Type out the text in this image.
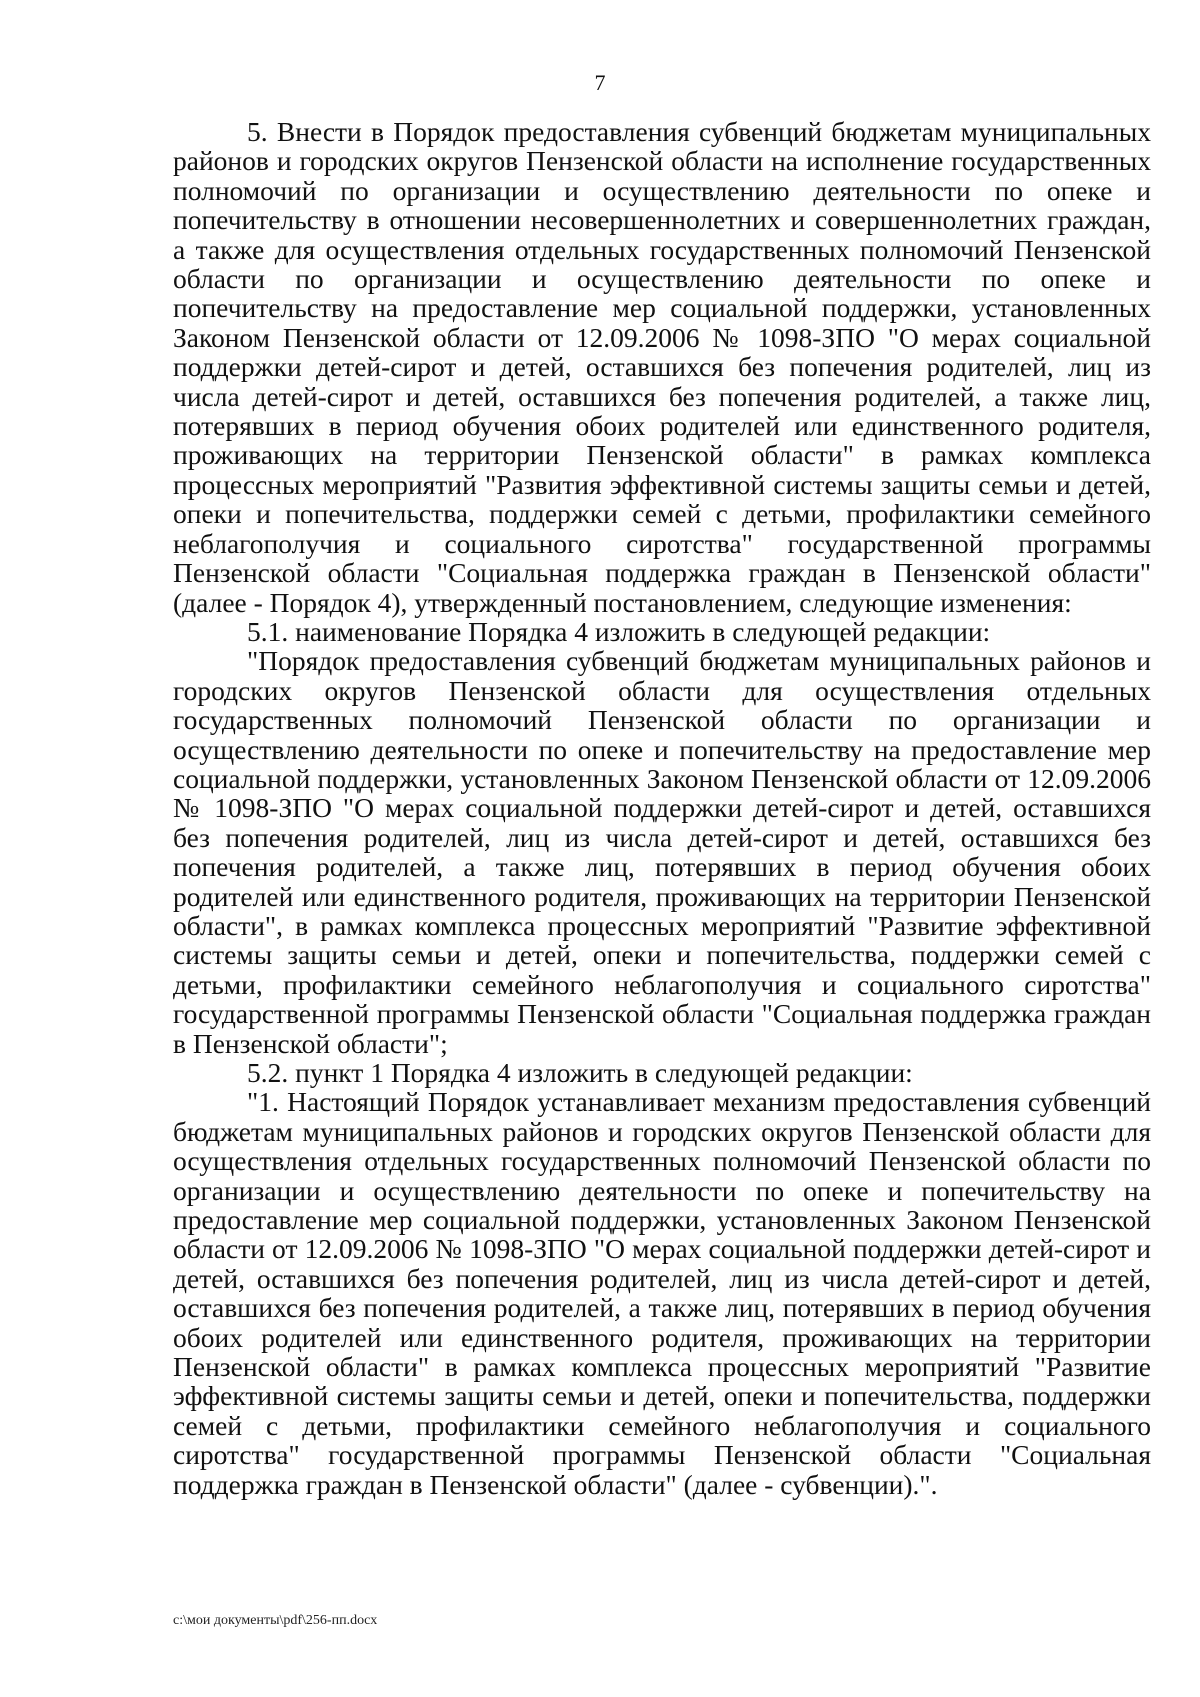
7

5. Внести в Порядок предоставления субвенций бюджетам муниципальных районов и городских округов Пензенской области на исполнение государственных полномочий по организации и осуществлению деятельности по опеке и попечительству в отношении несовершеннолетних и совершеннолетних граждан, а также для осуществления отдельных государственных полномочий Пензенской области по организации и осуществлению деятельности по опеке и попечительству на предоставление мер социальной поддержки, установленных Законом Пензенской области от 12.09.2006 № 1098-ЗПО "О мерах социальной поддержки детей-сирот и детей, оставшихся без попечения родителей, лиц из числа детей-сирот и детей, оставшихся без попечения родителей, а также лиц, потерявших в период обучения обоих родителей или единственного родителя, проживающих на территории Пензенской области" в рамках комплекса процессных мероприятий "Развития эффективной системы защиты семьи и детей, опеки и попечительства, поддержки семей с детьми, профилактики семейного неблагополучия и социального сиротства" государственной программы Пензенской области "Социальная поддержка граждан в Пензенской области" (далее - Порядок 4), утвержденный постановлением, следующие изменения:

5.1. наименование Порядка 4 изложить в следующей редакции:

"Порядок предоставления субвенций бюджетам муниципальных районов и городских округов Пензенской области для осуществления отдельных государственных полномочий Пензенской области по организации и осуществлению деятельности по опеке и попечительству на предоставление мер социальной поддержки, установленных Законом Пензенской области от 12.09.2006 № 1098-ЗПО "О мерах социальной поддержки детей-сирот и детей, оставшихся без попечения родителей, лиц из числа детей-сирот и детей, оставшихся без попечения родителей, а также лиц, потерявших в период обучения обоих родителей или единственного родителя, проживающих на территории Пензенской области", в рамках комплекса процессных мероприятий "Развитие эффективной системы защиты семьи и детей, опеки и попечительства, поддержки семей с детьми, профилактики семейного неблагополучия и социального сиротства" государственной программы Пензенской области "Социальная поддержка граждан в Пензенской области";

5.2. пункт 1 Порядка 4 изложить в следующей редакции:

"1. Настоящий Порядок устанавливает механизм предоставления субвенций бюджетам муниципальных районов и городских округов Пензенской области для осуществления отдельных государственных полномочий Пензенской области по организации и осуществлению деятельности по опеке и попечительству на предоставление мер социальной поддержки, установленных Законом Пензенской области от 12.09.2006 № 1098-ЗПО "О мерах социальной поддержки детей-сирот и детей, оставшихся без попечения родителей, лиц из числа детей-сирот и детей, оставшихся без попечения родителей, а также лиц, потерявших в период обучения обоих родителей или единственного родителя, проживающих на территории Пензенской области" в рамках комплекса процессных мероприятий "Развитие эффективной системы защиты семьи и детей, опеки и попечительства, поддержки семей с детьми, профилактики семейного неблагополучия и социального сиротства" государственной программы Пензенской области "Социальная поддержка граждан в Пензенской области" (далее - субвенции).".

c:\мои документы\pdf\256-пп.docx
